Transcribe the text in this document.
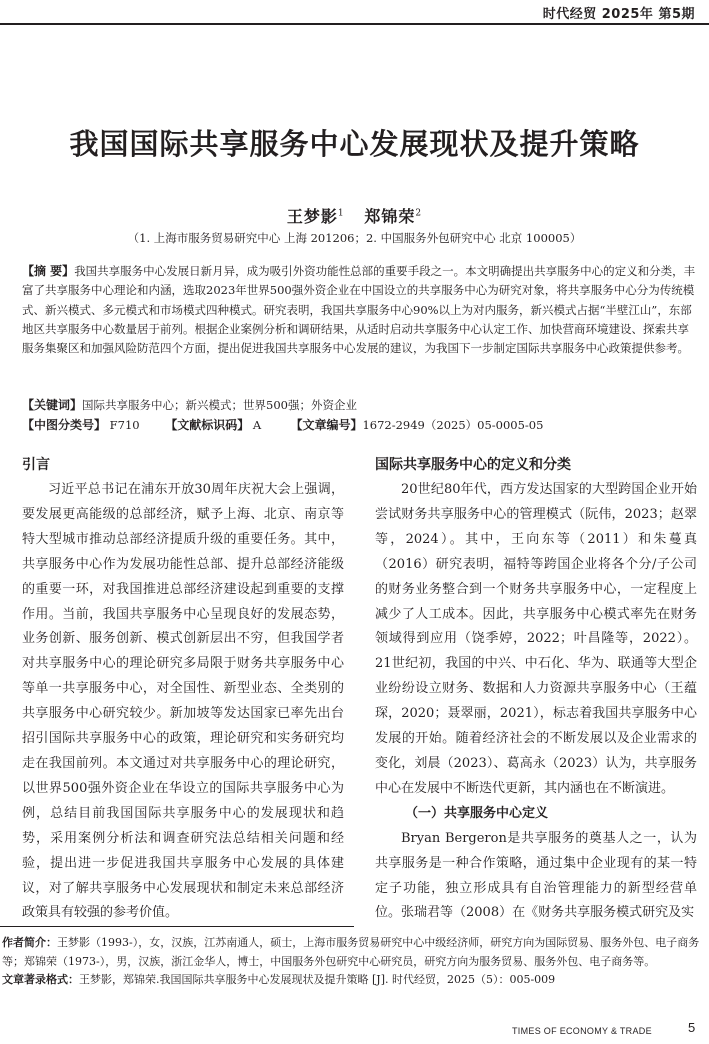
时代经贸 2025年 第5期
我国国际共享服务中心发展现状及提升策略
王梦影$^1$ 郑锦荣$^2$
（1. 上海市服务贸易研究中心 上海 201206；2. 中国服务外包研究中心 北京 100005）
【摘 要】我国共享服务中心发展日新月异，成为吸引外资功能性总部的重要手段之一。本文明确提出共享服务中心的定义和分类，丰富了共享服务中心理论和内涵，选取2023年世界500强外资企业在中国设立的共享服务中心为研究对象，将共享服务中心分为传统模式、新兴模式、多元模式和市场模式四种模式。研究表明，我国共享服务中心90%以上为对内服务，新兴模式占据“半壁江山”，东部地区共享服务中心数量居于前列。根据企业案例分析和调研结果，从适时启动共享服务中心认定工作、加快营商环境建设、探索共享服务集聚区和加强风险防范四个方面，提出促进我国共享服务中心发展的建议，为我国下一步制定国际共享服务中心政策提供参考。
【关键词】国际共享服务中心；新兴模式；世界500强；外资企业
【中图分类号】 F710 【文献标识码】 A 【文章编号】1672-2949（2025）05-0005-05
引言

习近平总书记在浦东开放30周年庆祝大会上强调，要发展更高能级的总部经济，赋予上海、北京、南京等特大型城市推动总部经济提质升级的重要任务。其中，共享服务中心作为发展功能性总部、提升总部经济能级的重要一环，对我国推进总部经济建设起到重要的支撑作用。当前，我国共享服务中心呈现良好的发展态势，业务创新、服务创新、模式创新层出不穷，但我国学者对共享服务中心的理论研究多局限于财务共享服务中心等单一共享服务中心，对全国性、新型业态、全类别的共享服务中心研究较少。新加坡等发达国家已率先出台招引国际共享服务中心的政策，理论研究和实务研究均走在我国前列。本文通过对共享服务中心的理论研究，以世界500强外资企业在华设立的国际共享服务中心为例，总结目前我国国际共享服务中心的发展现状和趋势，采用案例分析法和调查研究法总结相关问题和经验，提出进一步促进我国共享服务中心发展的具体建议，对了解共享服务中心发展现状和制定未来总部经济政策具有较强的参考价值。

国际共享服务中心的定义和分类

20世纪80年代，西方发达国家的大型跨国企业开始尝试财务共享服务中心的管理模式（阮伟，2023；赵翠等，2024）。其中，王向东等（2011）和朱蔓真（2016）研究表明，福特等跨国企业将各个分/子公司的财务业务整合到一个财务共享服务中心，一定程度上减少了人工成本。因此，共享服务中心模式率先在财务领域得到应用（饶季婷，2022；叶昌隆等，2022）。21世纪初，我国的中兴、中石化、华为、联通等大型企业纷纷设立财务、数据和人力资源共享服务中心（王蕴琛，2020；聂翠丽，2021），标志着我国共享服务中心发展的开始。随着经济社会的不断发展以及企业需求的变化，刘晨（2023）、葛高永（2023）认为，共享服务中心在发展中不断迭代更新，其内涵也在不断演进。

（一）共享服务中心定义

Bryan Bergeron是共享服务的奠基人之一，认为共享服务是一种合作策略，通过集中企业现有的某一特定子功能，独立形成具有自治管理能力的新型经营单位。张瑞君等（2008）在《财务共享服务模式研究及实

作者简介：王梦影（1993-），女，汉族，江苏南通人，硕士，上海市服务贸易研究中心中级经济师，研究方向为国际贸易、服务外包、电子商务等；郑锦荣（1973-），男，汉族，浙江金华人，博士，中国服务外包研究中心研究员，研究方向为服务贸易、服务外包、电子商务等。
文章著录格式：王梦影，郑锦荣.我国国际共享服务中心发展现状及提升策略 [J]. 时代经贸，2025（5）：005-009
TIMES OF ECONOMY & TRADE	5
